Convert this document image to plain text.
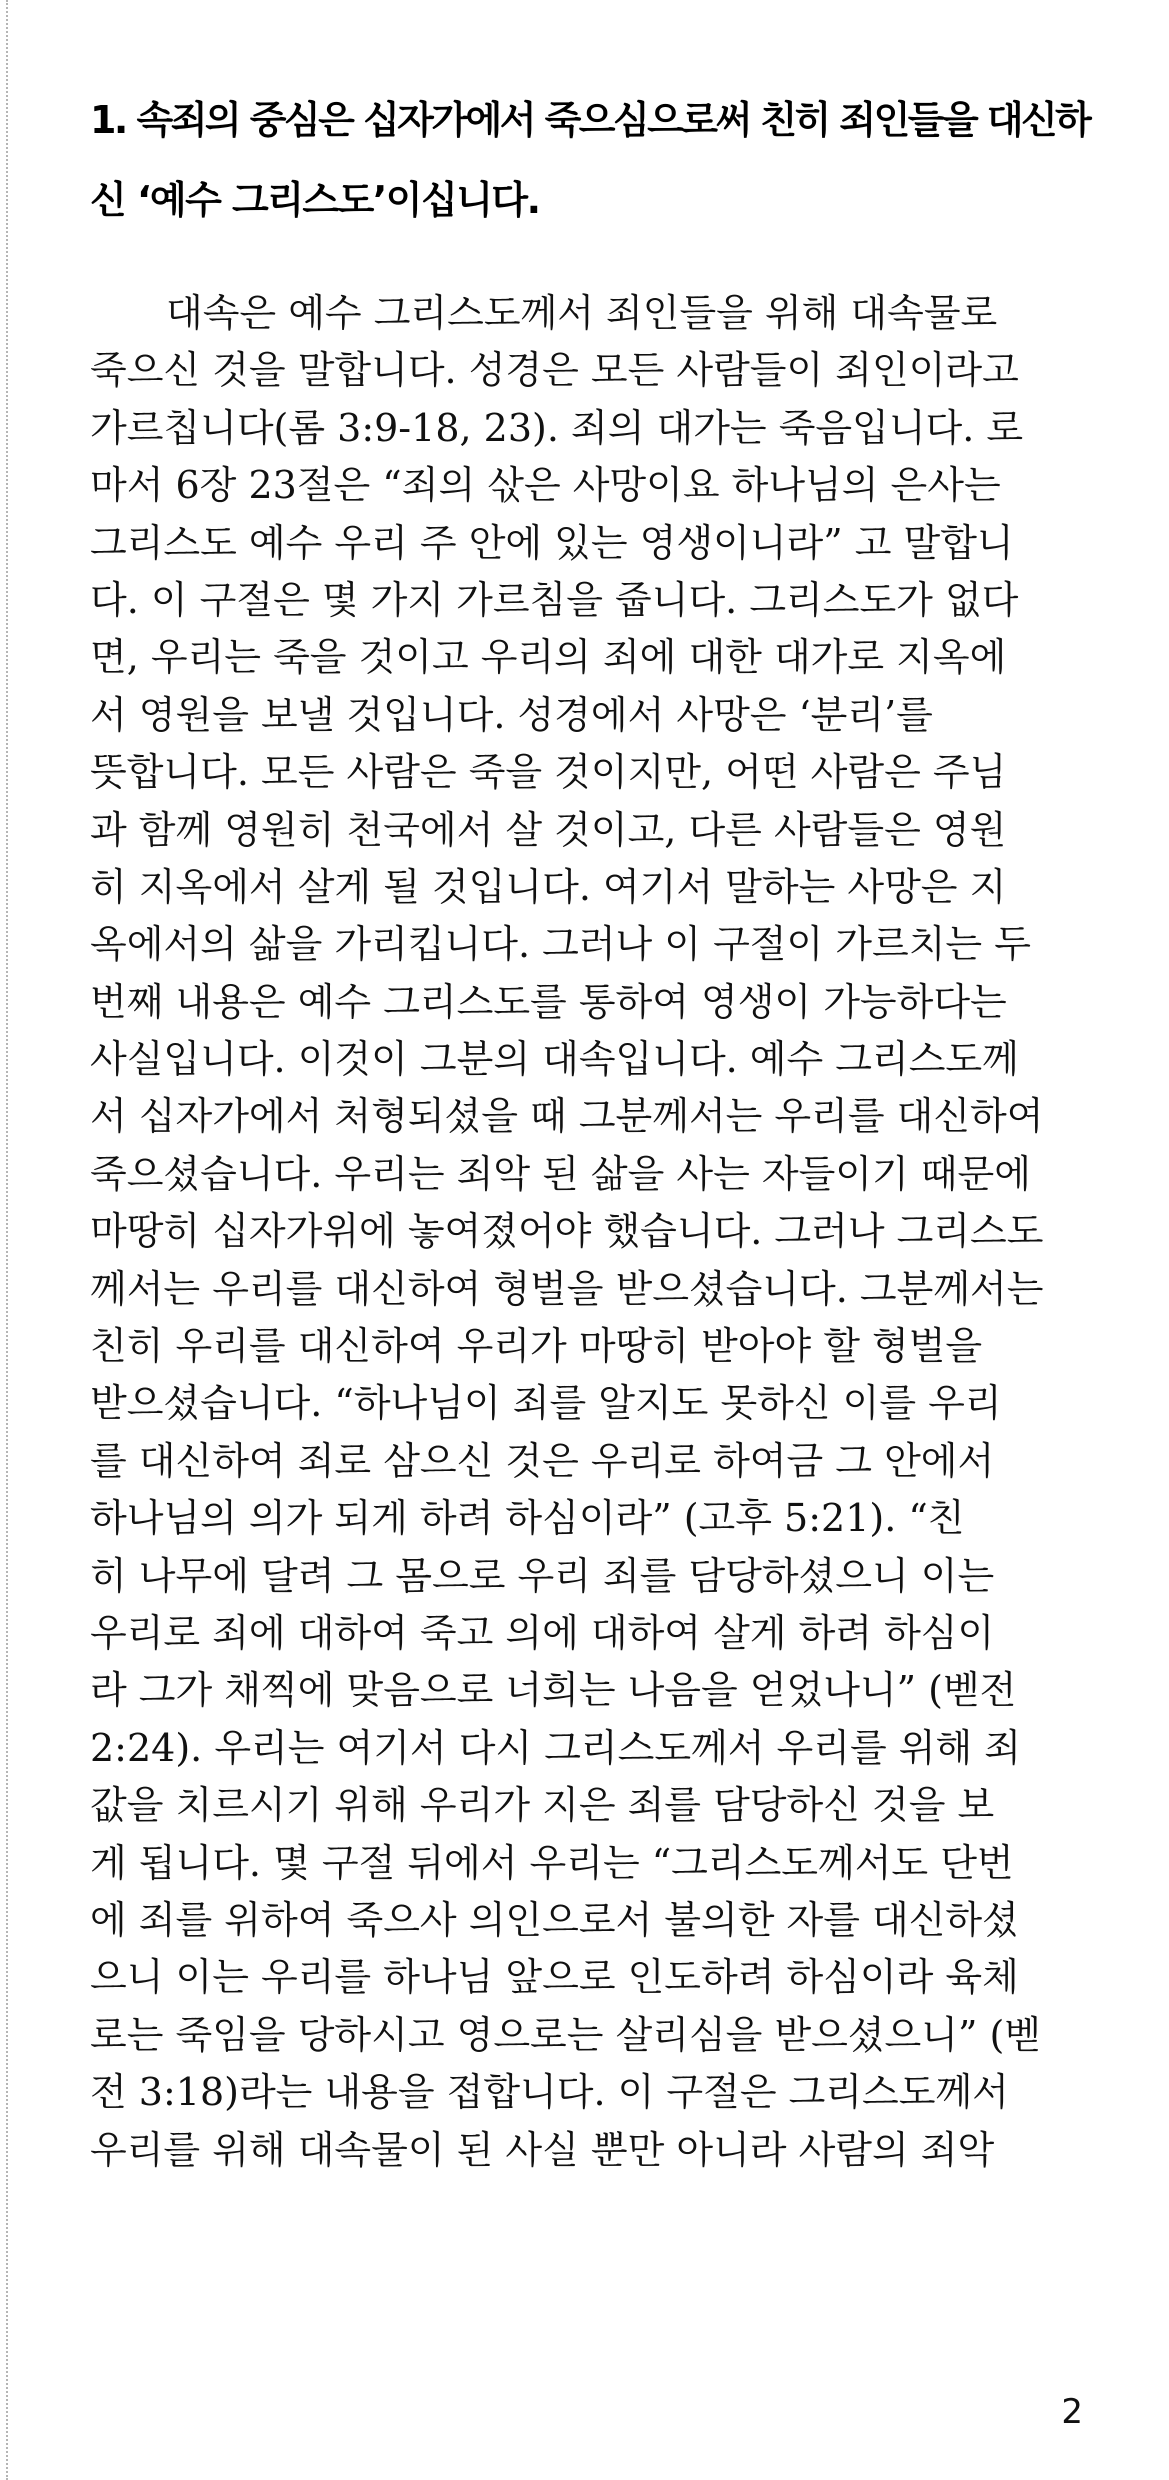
1. 속죄의 중심은 십자가에서 죽으심으로써 친히 죄인들을 대신하
신 ‘예수 그리스도’이십니다.
　　대속은 예수 그리스도께서 죄인들을 위해 대속물로
죽으신 것을 말합니다. 성경은 모든 사람들이 죄인이라고
가르칩니다(롬 3:9-18, 23). 죄의 대가는 죽음입니다. 로
마서 6장 23절은 “죄의 삯은 사망이요 하나님의 은사는
그리스도 예수 우리 주 안에 있는 영생이니라” 고 말합니
다. 이 구절은 몇 가지 가르침을 줍니다. 그리스도가 없다
면, 우리는 죽을 것이고 우리의 죄에 대한 대가로 지옥에
서 영원을 보낼 것입니다. 성경에서 사망은 ‘분리’를
뜻합니다. 모든 사람은 죽을 것이지만, 어떤 사람은 주님
과 함께 영원히 천국에서 살 것이고, 다른 사람들은 영원
히 지옥에서 살게 될 것입니다. 여기서 말하는 사망은 지
옥에서의 삶을 가리킵니다. 그러나 이 구절이 가르치는 두
번째 내용은 예수 그리스도를 통하여 영생이 가능하다는
사실입니다. 이것이 그분의 대속입니다. 예수 그리스도께
서 십자가에서 처형되셨을 때 그분께서는 우리를 대신하여
죽으셨습니다. 우리는 죄악 된 삶을 사는 자들이기 때문에
마땅히 십자가위에 놓여졌어야 했습니다. 그러나 그리스도
께서는 우리를 대신하여 형벌을 받으셨습니다. 그분께서는
친히 우리를 대신하여 우리가 마땅히 받아야 할 형벌을
받으셨습니다. “하나님이 죄를 알지도 못하신 이를 우리
를 대신하여 죄로 삼으신 것은 우리로 하여금 그 안에서
하나님의 의가 되게 하려 하심이라” (고후 5:21). “친
히 나무에 달려 그 몸으로 우리 죄를 담당하셨으니 이는
우리로 죄에 대하여 죽고 의에 대하여 살게 하려 하심이
라 그가 채찍에 맞음으로 너희는 나음을 얻었나니” (벧전
2:24). 우리는 여기서 다시 그리스도께서 우리를 위해 죄
값을 치르시기 위해 우리가 지은 죄를 담당하신 것을 보
게 됩니다. 몇 구절 뒤에서 우리는 “그리스도께서도 단번
에 죄를 위하여 죽으사 의인으로서 불의한 자를 대신하셨
으니 이는 우리를 하나님 앞으로 인도하려 하심이라 육체
로는 죽임을 당하시고 영으로는 살리심을 받으셨으니” (벧
전 3:18)라는 내용을 접합니다. 이 구절은 그리스도께서
우리를 위해 대속물이 된 사실 뿐만 아니라 사람의 죄악
2
